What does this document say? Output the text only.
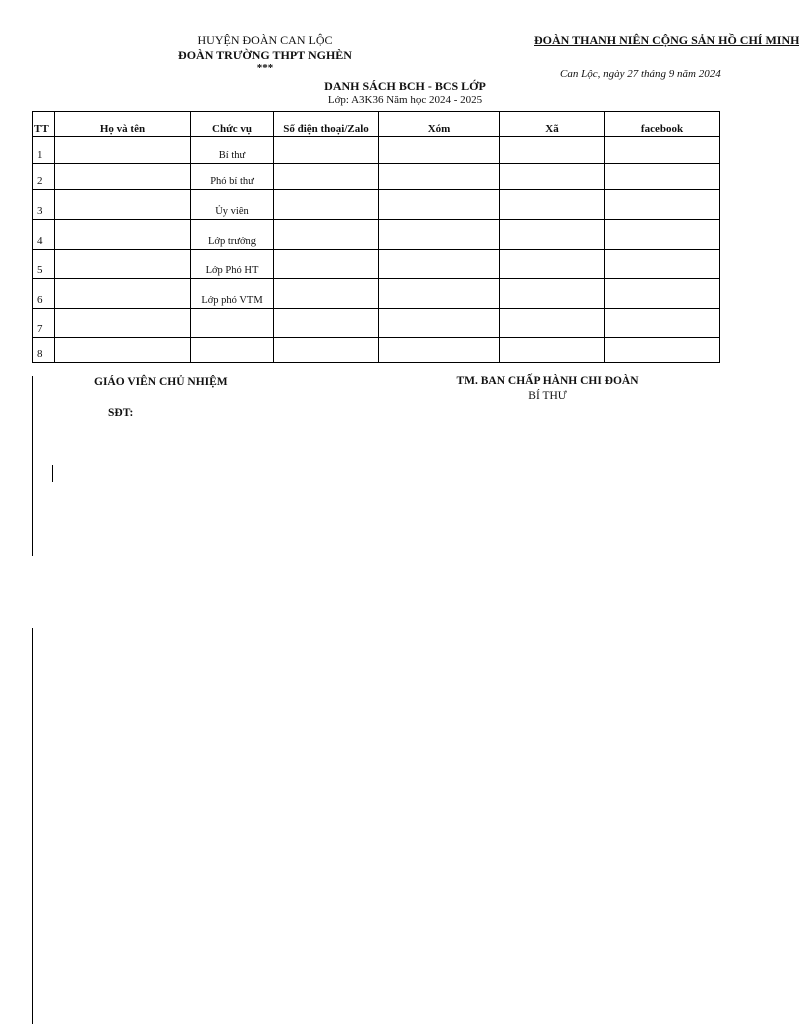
HUYỆN ĐOÀN CAN LỘC
ĐOÀN TRƯỜNG THPT NGHÈN
***
ĐOÀN THANH NIÊN CỘNG SẢN HỒ CHÍ MINH
Can Lộc, ngày 27 tháng 9 năm 2024
DANH SÁCH BCH - BCS LỚP
Lớp: A3K36 Năm học 2024 - 2025
TT	Họ và tên	Chức vụ	Số điện thoại/Zalo	Xóm	Xã	facebook
1		Bí thư				
2		Phó bí thư				
3		Ủy viên				
4		Lớp trưởng				
5		Lớp Phó HT				
6		Lớp phó VTM				
7						
8						
GIÁO VIÊN CHỦ NHIỆM
SĐT:
TM. BAN CHẤP HÀNH CHI ĐOÀN
BÍ THƯ
